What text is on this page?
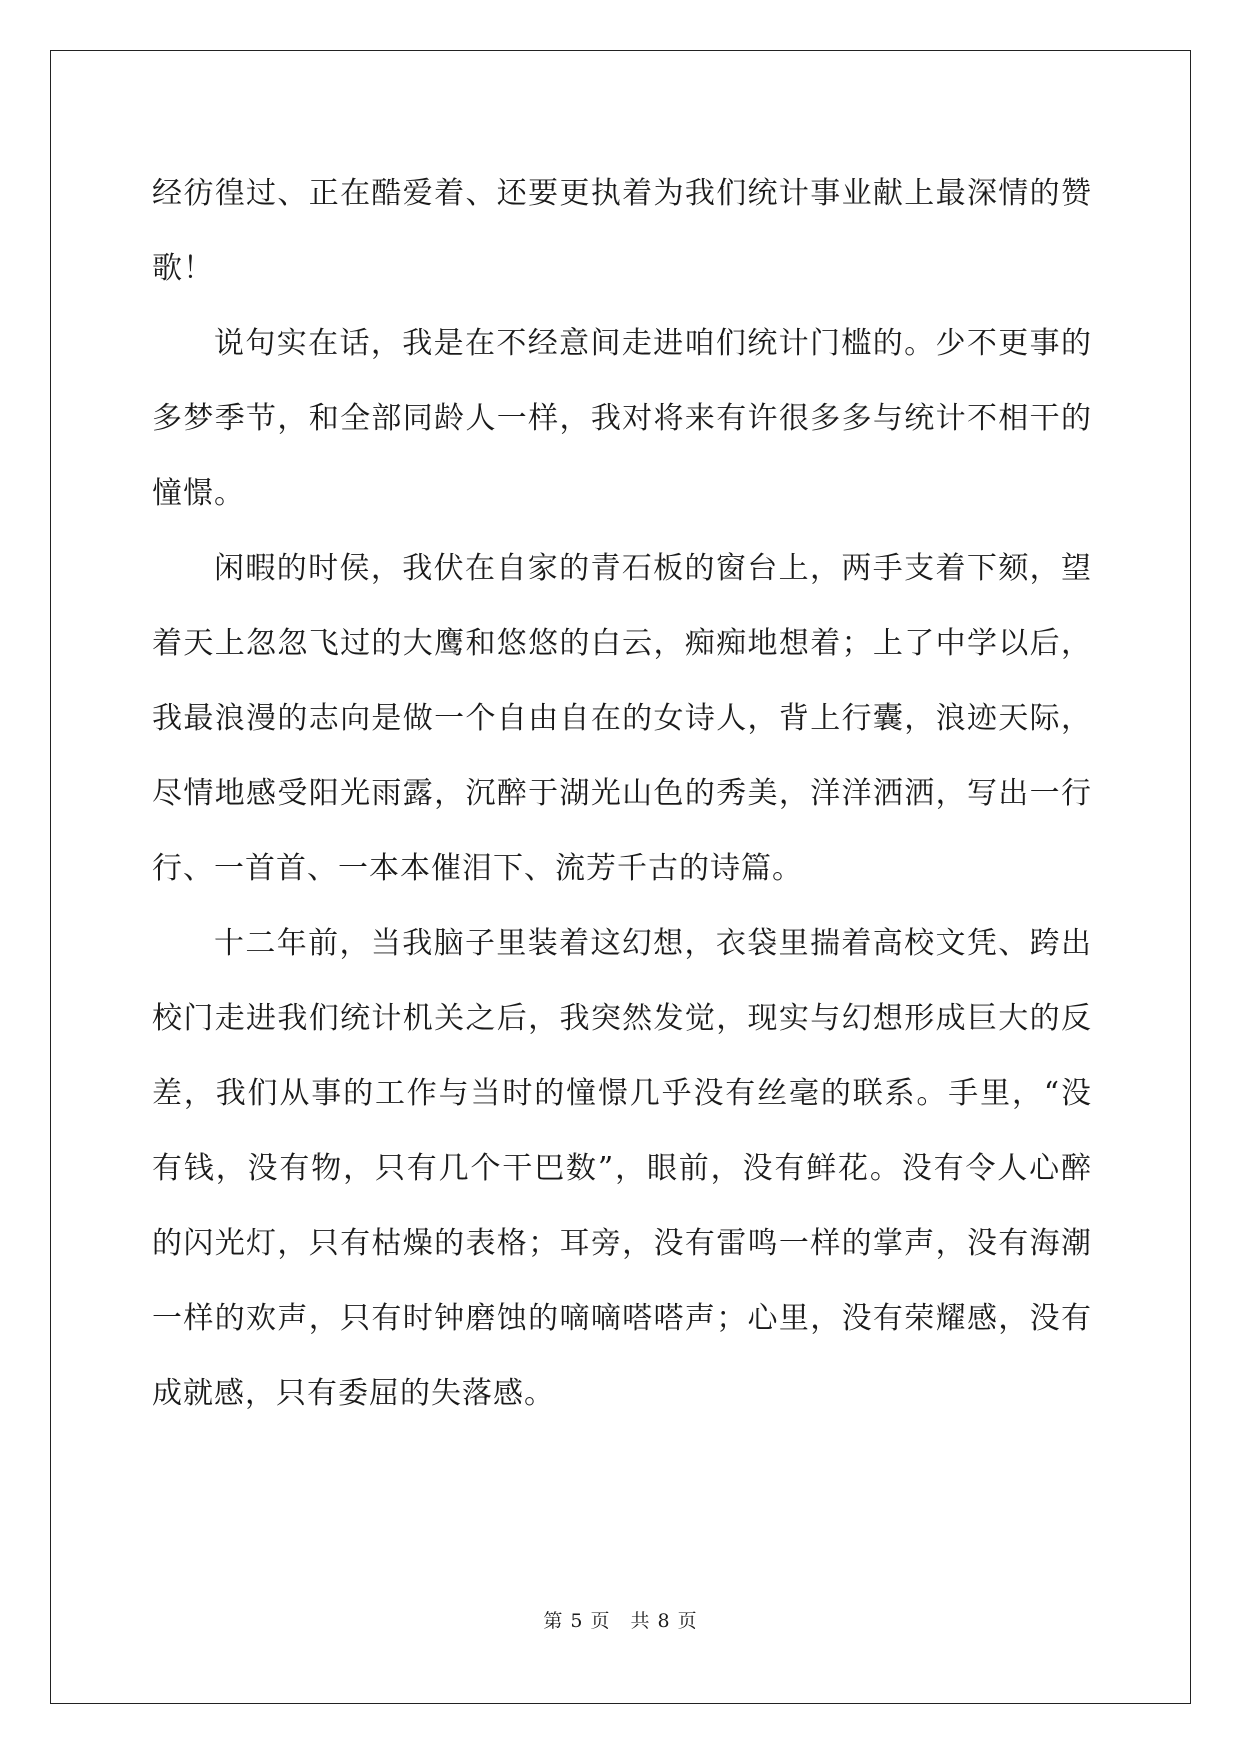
经彷徨过、正在酷爱着、还要更执着为我们统计事业献上最深情的赞歌！

说句实在话，我是在不经意间走进咱们统计门槛的。少不更事的多梦季节，和全部同龄人一样，我对将来有许很多多与统计不相干的憧憬。

闲暇的时侯，我伏在自家的青石板的窗台上，两手支着下颏，望着天上忽忽飞过的大鹰和悠悠的白云，痴痴地想着；上了中学以后，我最浪漫的志向是做一个自由自在的女诗人，背上行囊，浪迹天际，尽情地感受阳光雨露，沉醉于湖光山色的秀美，洋洋洒洒，写出一行行、一首首、一本本催泪下、流芳千古的诗篇。

十二年前，当我脑子里装着这幻想，衣袋里揣着高校文凭、跨出校门走进我们统计机关之后，我突然发觉，现实与幻想形成巨大的反差，我们从事的工作与当时的憧憬几乎没有丝毫的联系。手里，“没有钱，没有物，只有几个干巴数”，眼前，没有鲜花。没有令人心醉的闪光灯，只有枯燥的表格；耳旁，没有雷鸣一样的掌声，没有海潮一样的欢声，只有时钟磨蚀的嘀嘀嗒嗒声；心里，没有荣耀感，没有成就感，只有委屈的失落感。

第 5 页　共 8 页
